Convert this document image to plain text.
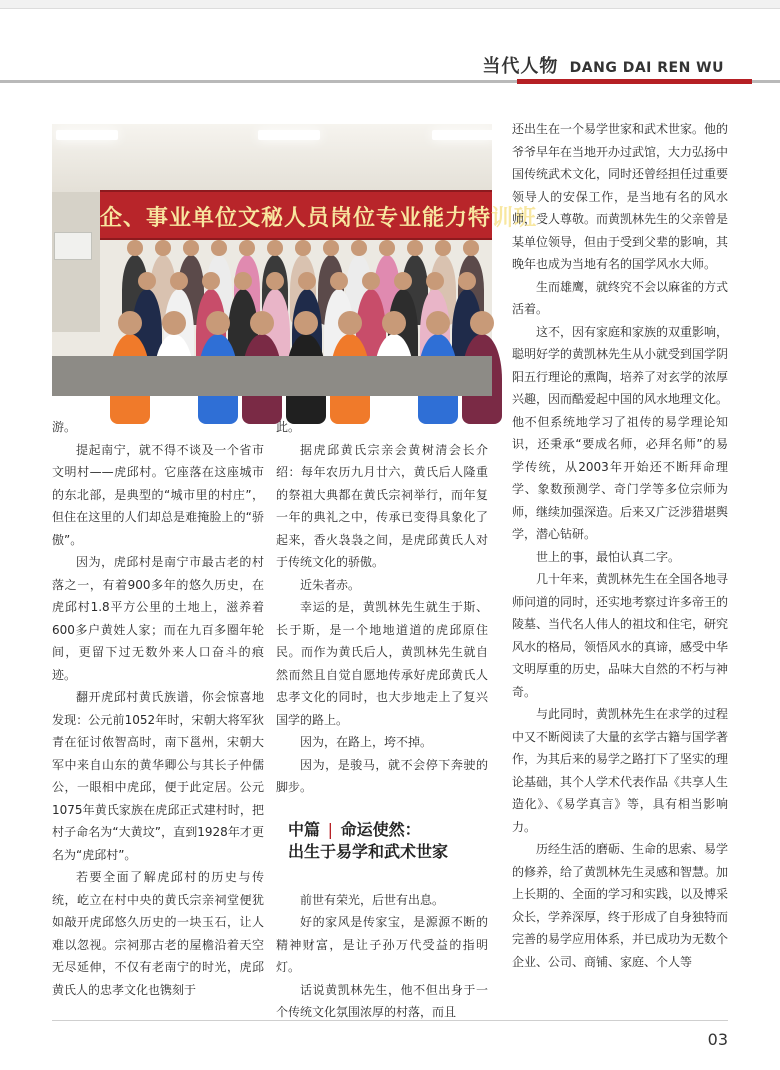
当代人物 DANG DAI REN WU
企、事业单位文秘人员岗位专业能力特训班

游。

提起南宁，就不得不谈及一个省市文明村——虎邱村。它座落在这座城市的东北部，是典型的“城市里的村庄”，但住在这里的人们却总是难掩脸上的“骄傲”。

因为，虎邱村是南宁市最古老的村落之一，有着900多年的悠久历史，在虎邱村1.8平方公里的土地上，滋养着600多户黄姓人家；而在九百多圈年轮间，更留下过无数外来人口奋斗的痕迹。

翻开虎邱村黄氏族谱，你会惊喜地发现：公元前1052年时，宋朝大将军狄青在征讨侬智高时，南下邕州，宋朝大军中来自山东的黄华卿公与其长子仲儒公，一眼相中虎邱，便于此定居。公元1075年黄氏家族在虎邱正式建村时，把村子命名为“大黄坟”，直到1928年才更名为“虎邱村”。

若要全面了解虎邱村的历史与传统，屹立在村中央的黄氏宗亲祠堂便犹如敲开虎邱悠久历史的一块玉石，让人难以忽视。宗祠那古老的屋檐沿着天空无尽延伸，不仅有老南宁的时光，虎邱黄氏人的忠孝文化也镌刻于

此。

据虎邱黄氏宗亲会黄树清会长介绍：每年农历九月廿六，黄氏后人隆重的祭祖大典都在黄氏宗祠举行，而年复一年的典礼之中，传承已变得具象化了起来，香火袅袅之间，是虎邱黄氏人对于传统文化的骄傲。

近朱者赤。

幸运的是，黄凯林先生就生于斯、长于斯，是一个地地道道的虎邱原住民。而作为黄氏后人，黄凯林先生就自然而然且自觉自愿地传承好虎邱黄氏人忠孝文化的同时，也大步地走上了复兴国学的路上。

因为，在路上，垮不掉。

因为，是骏马，就不会停下奔驶的脚步。

中篇 | 命运使然：
出生于易学和武术世家

前世有荣光，后世有出息。

好的家风是传家宝，是源源不断的精神财富，是让子孙万代受益的指明灯。

话说黄凯林先生，他不但出身于一个传统文化氛围浓厚的村落，而且

还出生在一个易学世家和武术世家。他的爷爷早年在当地开办过武馆，大力弘扬中国传统武术文化，同时还曾经担任过重要领导人的安保工作，是当地有名的风水师，受人尊敬。而黄凯林先生的父亲曾是某单位领导，但由于受到父辈的影响，其晚年也成为当地有名的国学风水大师。

生而雄鹰，就终究不会以麻雀的方式活着。

这不，因有家庭和家族的双重影响，聪明好学的黄凯林先生从小就受到国学阴阳五行理论的熏陶，培养了对玄学的浓厚兴趣，因而酷爱起中国的风水地理文化。他不但系统地学习了祖传的易学理论知识，还秉承“要成名师，必拜名师”的易学传统，从2003年开始还不断拜命理学、象数预测学、奇门学等多位宗师为师，继续加强深造。后来又广泛涉猎堪舆学，潜心钻研。

世上的事，最怕认真二字。

几十年来，黄凯林先生在全国各地寻师问道的同时，还实地考察过许多帝王的陵墓、当代名人伟人的祖坟和住宅，研究风水的格局，领悟风水的真谛，感受中华文明厚重的历史，品味大自然的不朽与神奇。

与此同时，黄凯林先生在求学的过程中又不断阅读了大量的玄学古籍与国学著作，为其后来的易学之路打下了坚实的理论基础，其个人学术代表作品《共享人生造化》、《易学真言》等，具有相当影响力。

历经生活的磨砺、生命的思索、易学的修养，给了黄凯林先生灵感和智慧。加上长期的、全面的学习和实践，以及博采众长，学养深厚，终于形成了自身独特而完善的易学应用体系，并已成功为无数个企业、公司、商铺、家庭、个人等

03
